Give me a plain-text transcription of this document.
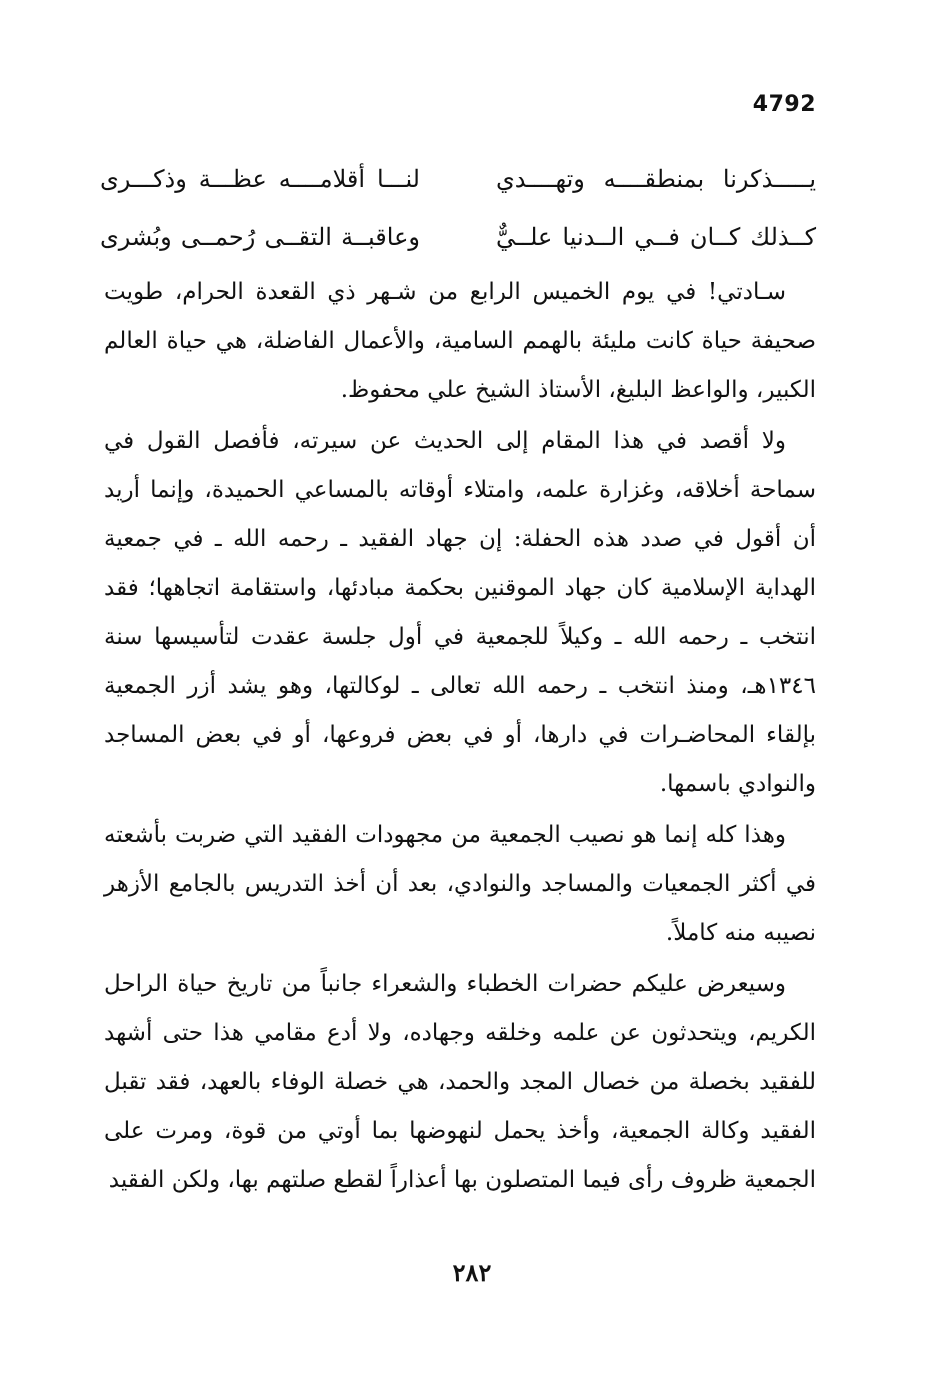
4792
يـــــذكرنا بمنطقــــه وتهــــدي
لنـــا أقلامــــه عظـــة وذكـــرى
كــذلك كــان فــي الــدنيا علــيٌّ
وعاقبــة التقــى رُحمــى وبُشرى

سـادتي! في يوم الخميس الرابع من شـهر ذي القعدة الحرام، طويت صحيفة حياة كانت مليئة بالهمم السامية، والأعمال الفاضلة، هي حياة العالم الكبير، والواعظ البليغ، الأستاذ الشيخ علي محفوظ.

ولا أقصد في هذا المقام إلى الحديث عن سيرته، فأفصل القول في سماحة أخلاقه، وغزارة علمه، وامتلاء أوقاته بالمساعي الحميدة، وإنما أريد أن أقول في صدد هذه الحفلة: إن جهاد الفقيد ـ رحمه الله ـ في جمعية الهداية الإسلامية كان جهاد الموقنين بحكمة مبادئها، واستقامة اتجاهها؛ فقد انتخب ـ رحمه الله ـ وكيلاً للجمعية في أول جلسة عقدت لتأسيسها سنة ١٣٤٦هـ، ومنذ انتخب ـ رحمه الله تعالى ـ لوكالتها، وهو يشد أزر الجمعية بإلقاء المحاضـرات في دارها، أو في بعض فروعها، أو في بعض المساجد والنوادي باسمها.

وهذا كله إنما هو نصيب الجمعية من مجهودات الفقيد التي ضربت بأشعته في أكثر الجمعيات والمساجد والنوادي، بعد أن أخذ التدريس بالجامع الأزهر نصيبه منه كاملاً.

وسيعرض عليكم حضرات الخطباء والشعراء جانباً من تاريخ حياة الراحل الكريم، ويتحدثون عن علمه وخلقه وجهاده، ولا أدع مقامي هذا حتى أشهد للفقيد بخصلة من خصال المجد والحمد، هي خصلة الوفاء بالعهد، فقد تقبل الفقيد وكالة الجمعية، وأخذ يحمل لنهوضها بما أوتي من قوة، ومرت على الجمعية ظروف رأى فيما المتصلون بها أعذاراً لقطع صلتهم بها، ولكن الفقيد

٢٨٢
